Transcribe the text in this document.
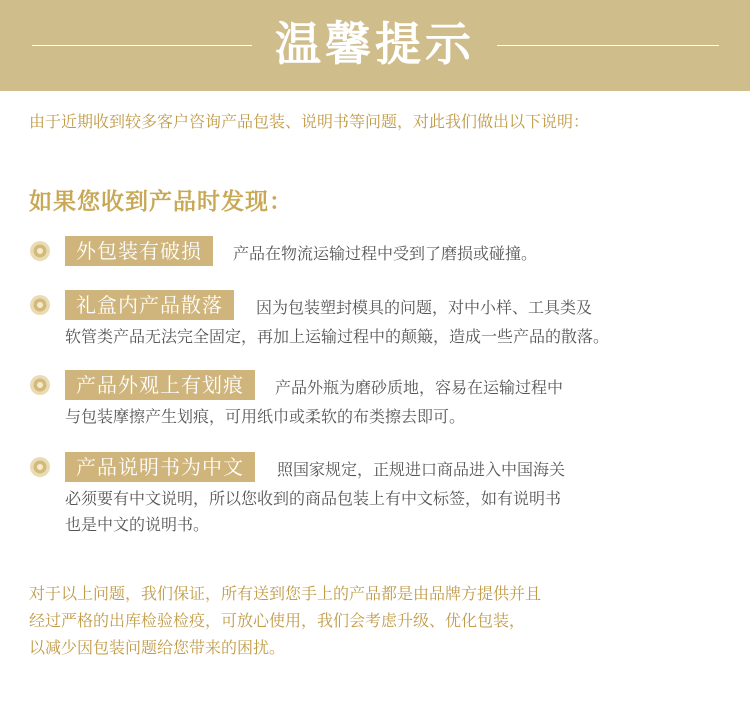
温馨提示
由于近期收到较多客户咨询产品包装、说明书等问题，对此我们做出以下说明：
如果您收到产品时发现：
外包装有破损	产品在物流运输过程中受到了磨损或碰撞。
礼盒内产品散落	因为包装塑封模具的问题，对中小样、工具类及
软管类产品无法完全固定，再加上运输过程中的颠簸，造成一些产品的散落。
产品外观上有划痕	产品外瓶为磨砂质地，容易在运输过程中
与包装摩擦产生划痕，可用纸巾或柔软的布类擦去即可。
产品说明书为中文	照国家规定，正规进口商品进入中国海关
必须要有中文说明，所以您收到的商品包装上有中文标签，如有说明书
也是中文的说明书。
对于以上问题，我们保证，所有送到您手上的产品都是由品牌方提供并且
经过严格的出库检验检疫，可放心使用，我们会考虑升级、优化包装，
以减少因包装问题给您带来的困扰。
